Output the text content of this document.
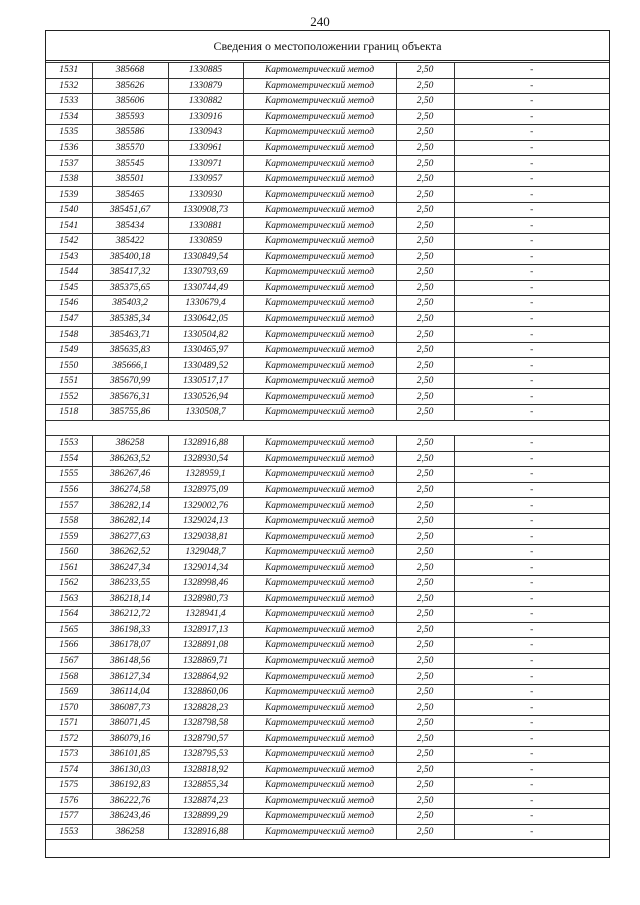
240
Сведения о местоположении границ объекта
1531	385668	1330885	Картометрический метод	2,50	-
1532	385626	1330879	Картометрический метод	2,50	-
1533	385606	1330882	Картометрический метод	2,50	-
1534	385593	1330916	Картометрический метод	2,50	-
1535	385586	1330943	Картометрический метод	2,50	-
1536	385570	1330961	Картометрический метод	2,50	-
1537	385545	1330971	Картометрический метод	2,50	-
1538	385501	1330957	Картометрический метод	2,50	-
1539	385465	1330930	Картометрический метод	2,50	-
1540	385451,67	1330908,73	Картометрический метод	2,50	-
1541	385434	1330881	Картометрический метод	2,50	-
1542	385422	1330859	Картометрический метод	2,50	-
1543	385400,18	1330849,54	Картометрический метод	2,50	-
1544	385417,32	1330793,69	Картометрический метод	2,50	-
1545	385375,65	1330744,49	Картометрический метод	2,50	-
1546	385403,2	1330679,4	Картометрический метод	2,50	-
1547	385385,34	1330642,05	Картометрический метод	2,50	-
1548	385463,71	1330504,82	Картометрический метод	2,50	-
1549	385635,83	1330465,97	Картометрический метод	2,50	-
1550	385666,1	1330489,52	Картометрический метод	2,50	-
1551	385670,99	1330517,17	Картометрический метод	2,50	-
1552	385676,31	1330526,94	Картометрический метод	2,50	-
1518	385755,86	1330508,7	Картометрический метод	2,50	-

1553	386258	1328916,88	Картометрический метод	2,50	-
1554	386263,52	1328930,54	Картометрический метод	2,50	-
1555	386267,46	1328959,1	Картометрический метод	2,50	-
1556	386274,58	1328975,09	Картометрический метод	2,50	-
1557	386282,14	1329002,76	Картометрический метод	2,50	-
1558	386282,14	1329024,13	Картометрический метод	2,50	-
1559	386277,63	1329038,81	Картометрический метод	2,50	-
1560	386262,52	1329048,7	Картометрический метод	2,50	-
1561	386247,34	1329014,34	Картометрический метод	2,50	-
1562	386233,55	1328998,46	Картометрический метод	2,50	-
1563	386218,14	1328980,73	Картометрический метод	2,50	-
1564	386212,72	1328941,4	Картометрический метод	2,50	-
1565	386198,33	1328917,13	Картометрический метод	2,50	-
1566	386178,07	1328891,08	Картометрический метод	2,50	-
1567	386148,56	1328869,71	Картометрический метод	2,50	-
1568	386127,34	1328864,92	Картометрический метод	2,50	-
1569	386114,04	1328860,06	Картометрический метод	2,50	-
1570	386087,73	1328828,23	Картометрический метод	2,50	-
1571	386071,45	1328798,58	Картометрический метод	2,50	-
1572	386079,16	1328790,57	Картометрический метод	2,50	-
1573	386101,85	1328795,53	Картометрический метод	2,50	-
1574	386130,03	1328818,92	Картометрический метод	2,50	-
1575	386192,83	1328855,34	Картометрический метод	2,50	-
1576	386222,76	1328874,23	Картометрический метод	2,50	-
1577	386243,46	1328899,29	Картометрический метод	2,50	-
1553	386258	1328916,88	Картометрический метод	2,50	-
